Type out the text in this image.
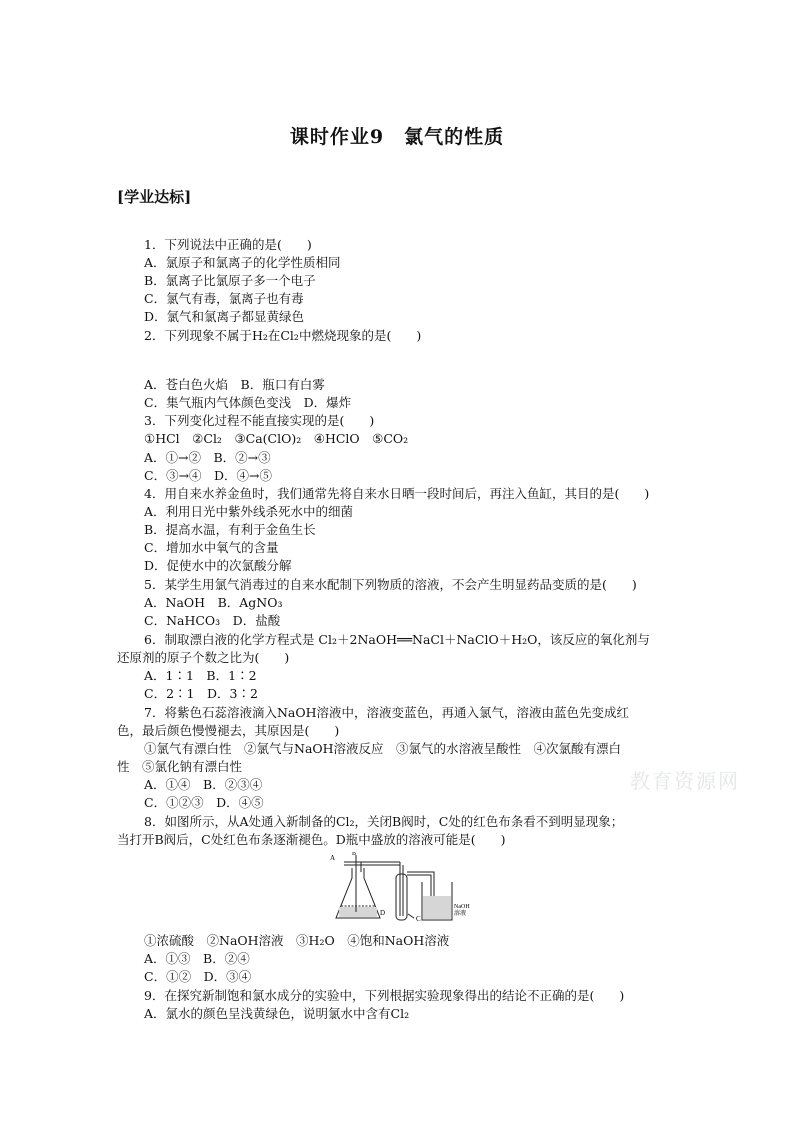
课时作业9　氯气的性质
[学业达标]
1．下列说法中正确的是(　　)
A．氯原子和氯离子的化学性质相同
B．氯离子比氯原子多一个电子
C．氯气有毒，氯离子也有毒
D．氯气和氯离子都显黄绿色
2．下列现象不属于H₂在Cl₂中燃烧现象的是(　　)
A．苍白色火焰　B．瓶口有白雾
C．集气瓶内气体颜色变浅　D．爆炸
3．下列变化过程不能直接实现的是(　　)
①HCl　②Cl₂　③Ca(ClO)₂　④HClO　⑤CO₂
A．①→②　B．②→③
C．③→④　D．④→⑤
4．用自来水养金鱼时，我们通常先将自来水日晒一段时间后，再注入鱼缸，其目的是(　　)
A．利用日光中紫外线杀死水中的细菌
B．提高水温，有利于金鱼生长
C．增加水中氧气的含量
D．促使水中的次氯酸分解
5．某学生用氯气消毒过的自来水配制下列物质的溶液，不会产生明显药品变质的是(　　)
A．NaOH　B．AgNO₃
C．NaHCO₃　D．盐酸
6．制取漂白液的化学方程式是 Cl₂＋2NaOH══NaCl＋NaClO＋H₂O，该反应的氧化剂与
还原剂的原子个数之比为(　　)
A．1∶1　B．1∶2
C．2∶1　D．3∶2
7．将紫色石蕊溶液滴入NaOH溶液中，溶液变蓝色，再通入氯气，溶液由蓝色先变成红
色，最后颜色慢慢褪去，其原因是(　　)
①氯气有漂白性　②氯气与NaOH溶液反应　③氯气的水溶液呈酸性　④次氯酸有漂白
性　⑤氯化钠有漂白性
A．①④　B．②③④
C．①②③　D．④⑤
8．如图所示，从A处通入新制备的Cl₂，关闭B阀时，C处的红色布条看不到明显现象；
当打开B阀后，C处红色布条逐渐褪色。D瓶中盛放的溶液可能是(　　)
①浓硫酸　②NaOH溶液　③H₂O　④饱和NaOH溶液
A．①③　B．②④
C．①②　D．③④
9．在探究新制饱和氯水成分的实验中，下列根据实验现象得出的结论不正确的是(　　)
A．氯水的颜色呈浅黄绿色，说明氯水中含有Cl₂
A	B
C
D
NaOH
溶液
教育资源网
